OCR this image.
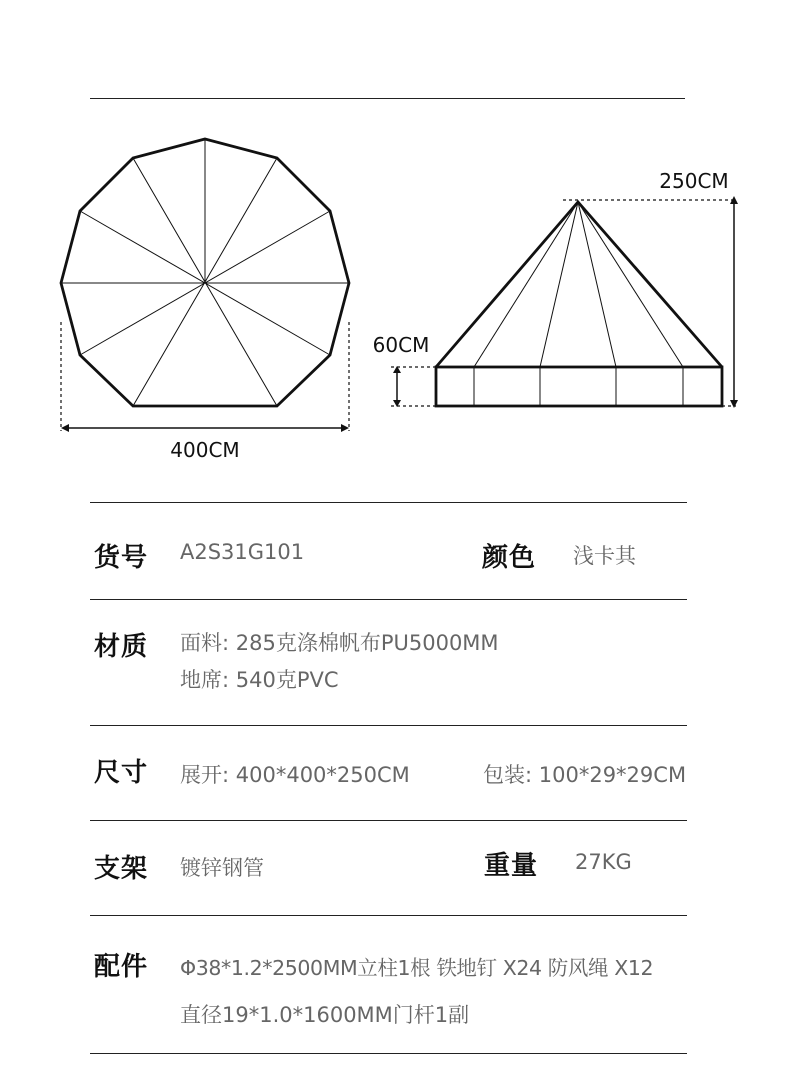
400CM
250CM
60CM
货号 A2S31G101	颜色 浅卡其
材质 面料: 285克涤棉帆布PU5000MM
地席: 540克PVC
尺寸 展开: 400*400*250CM	包装: 100*29*29CM
支架 镀锌钢管	重量 27KG
配件 Φ38*1.2*2500MM立柱1根 铁地钉 X24 防风绳 X12
直径19*1.0*1600MM门杆1副
